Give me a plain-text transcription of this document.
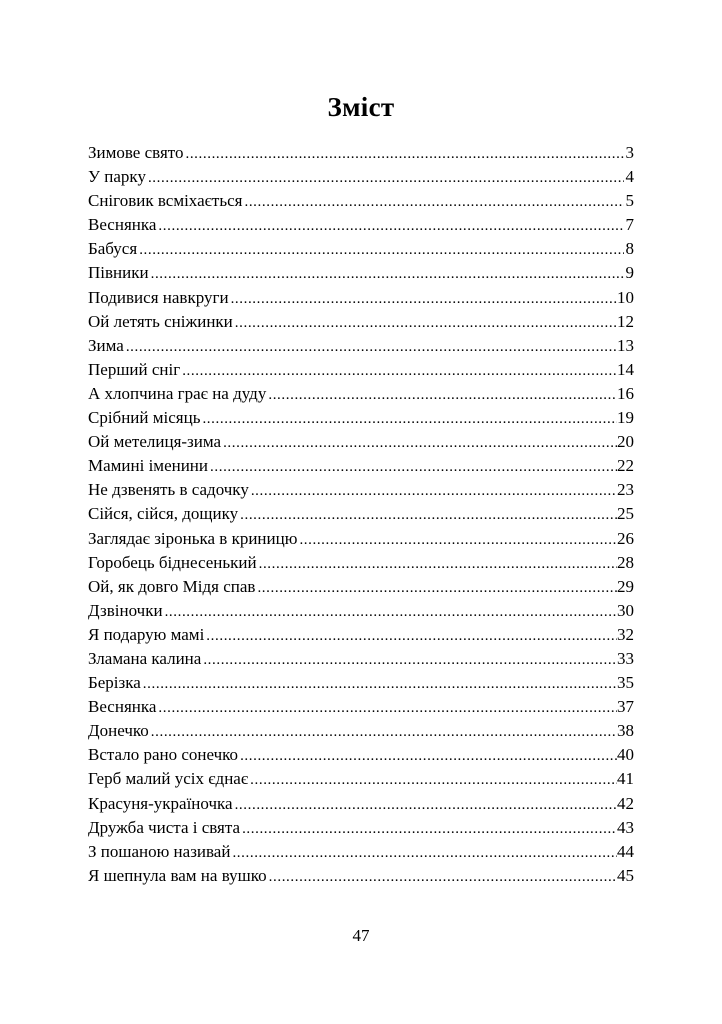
Зміст
Зимове свято .....	3
У парку .....	4
Сніговик всміхається .....	5
Веснянка .....	7
Бабуся .....	8
Півники .....	9
Подивися навкруги .....	10
Ой летять сніжинки .....	12
Зима .....	13
Перший сніг .....	14
А хлопчина грає на дуду .....	16
Срібний місяць .....	19
Ой метелиця-зима .....	20
Мамині іменини .....	22
Не дзвенять в садочку .....	23
Сійся, сійся, дощику .....	25
Заглядає зіронька в криницю .....	26
Горобець біднесенький .....	28
Ой, як довго Мідя спав .....	29
Дзвіночки .....	30
Я подарую мамі .....	32
Зламана калина .....	33
Берізка .....	35
Веснянка .....	37
Донечко .....	38
Встало рано сонечко .....	40
Герб малий усіх єднає .....	41
Красуня-україночка .....	42
Дружба чиста і свята .....	43
З пошаною називай .....	44
Я шепнула вам на вушко .....	45
47
